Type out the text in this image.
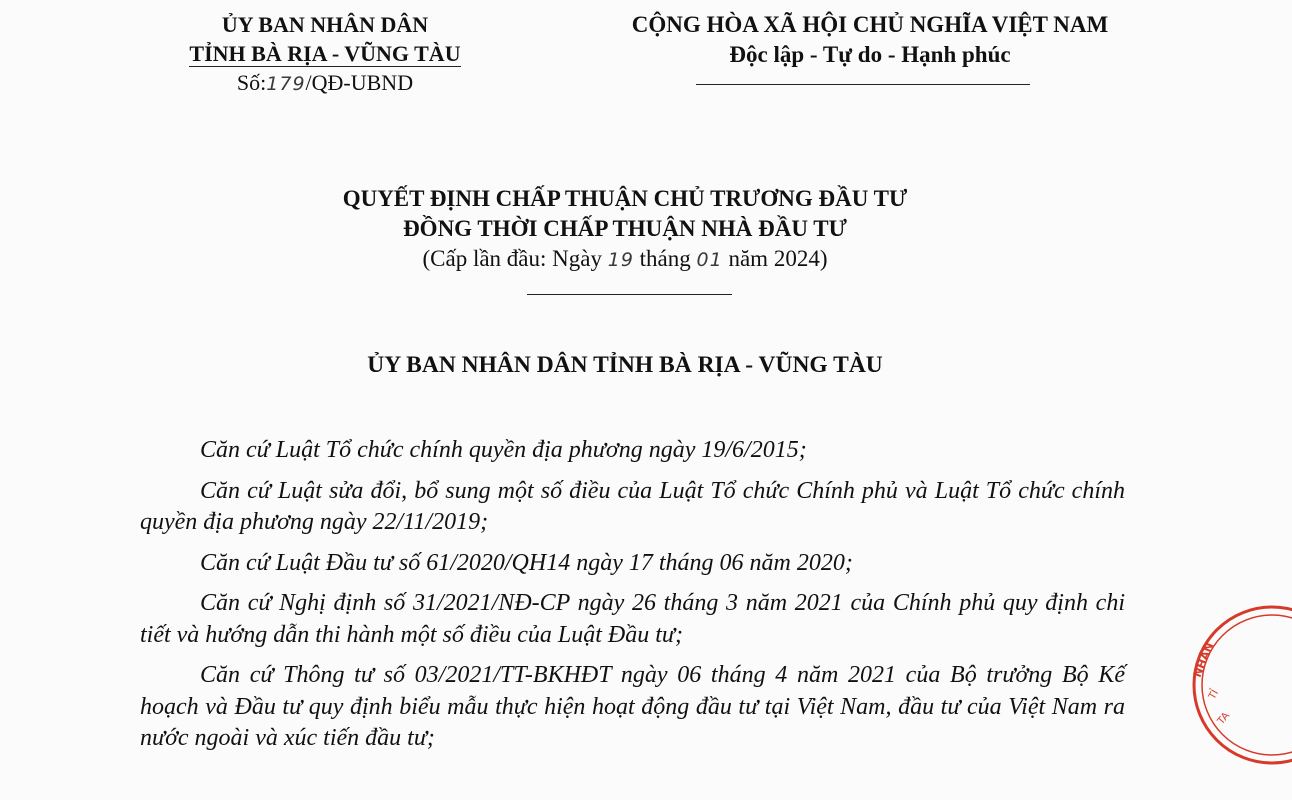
ỦY BAN NHÂN DÂN
TỈNH BÀ RỊA - VŨNG TÀU
Số:179/QĐ-UBND
CỘNG HÒA XÃ HỘI CHỦ NGHĨA VIỆT NAM
Độc lập - Tự do - Hạnh phúc
QUYẾT ĐỊNH CHẤP THUẬN CHỦ TRƯƠNG ĐẦU TƯ
ĐỒNG THỜI CHẤP THUẬN NHÀ ĐẦU TƯ
(Cấp lần đầu: Ngày 19 tháng 01 năm 2024)
ỦY BAN NHÂN DÂN TỈNH BÀ RỊA - VŨNG TÀU

Căn cứ Luật Tổ chức chính quyền địa phương ngày 19/6/2015;

Căn cứ Luật sửa đổi, bổ sung một số điều của Luật Tổ chức Chính phủ và Luật Tổ chức chính quyền địa phương ngày 22/11/2019;

Căn cứ Luật Đầu tư số 61/2020/QH14 ngày 17 tháng 06 năm 2020;

Căn cứ Nghị định số 31/2021/NĐ-CP ngày 26 tháng 3 năm 2021 của Chính phủ quy định chi tiết và hướng dẫn thi hành một số điều của Luật Đầu tư;

Căn cứ Thông tư số 03/2021/TT-BKHĐT ngày 06 tháng 4 năm 2021 của Bộ trưởng Bộ Kế hoạch và Đầu tư quy định biểu mẫu thực hiện hoạt động đầu tư tại Việt Nam, đầu tư của Việt Nam ra nước ngoài và xúc tiến đầu tư;

NHÂN
TỈ
TA
